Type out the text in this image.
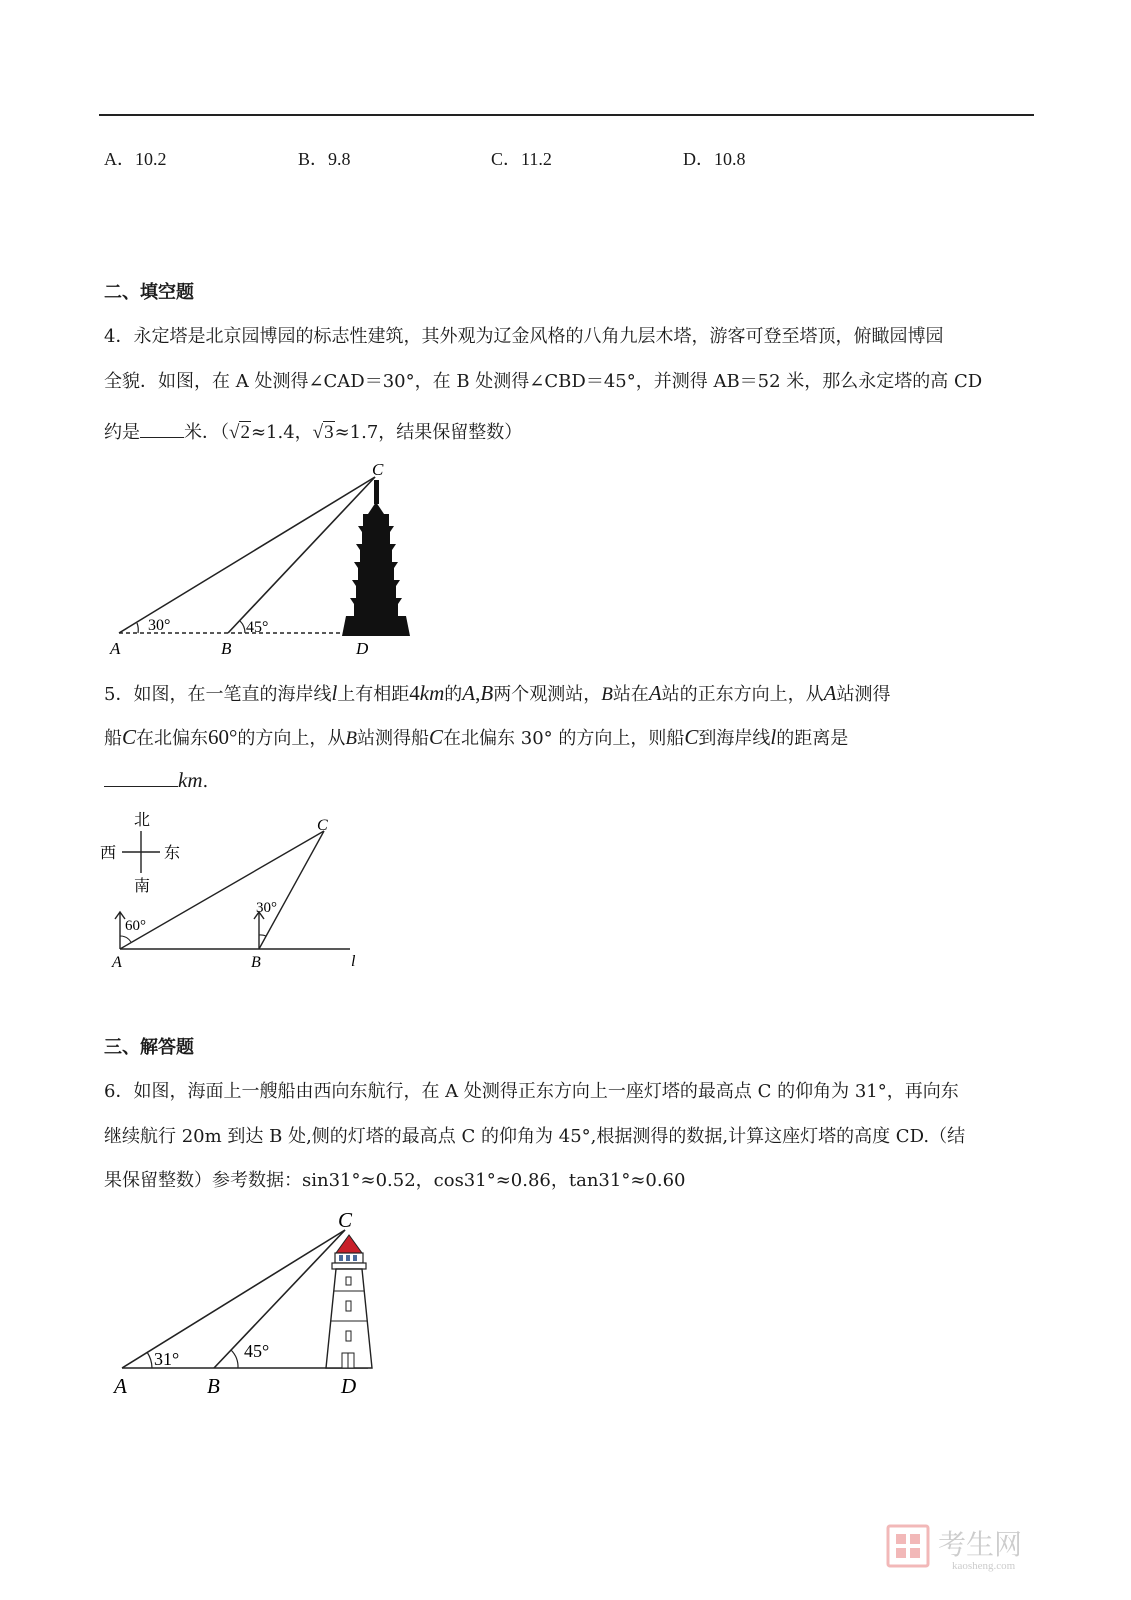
A．10.2	B．9.8	C．11.2	D．10.8
二、填空题
4．永定塔是北京园博园的标志性建筑，其外观为辽金风格的八角九层木塔，游客可登至塔顶，俯瞰园博园
全貌．如图，在 A 处测得∠CAD＝30°，在 B 处测得∠CBD＝45°，并测得 AB＝52 米，那么永定塔的高 CD
约是 米．（√2≈1.4，√3≈1.7，结果保留整数）
C
A	B	D
30°	45°
5．如图，在一笔直的海岸线l上有相距4km的A,B两个观测站，B站在A站的正东方向上，从A站测得
船C在北偏东60°的方向上，从B站测得船C在北偏东 30° 的方向上，则船C到海岸线l的距离是
km.
北
西	东
南
60°
30°
C
A	B	l
三、解答题
6．如图，海面上一艘船由西向东航行，在 A 处测得正东方向上一座灯塔的最高点 C 的仰角为 31°，再向东
继续航行 20m 到达 B 处,侧的灯塔的最高点 C 的仰角为 45°,根据测得的数据,计算这座灯塔的高度 CD.（结
果保留整数）参考数据：sin31°≈0.52，cos31°≈0.86，tan31°≈0.60
C
A	B	D
31°	45°
考生网
kaosheng.com
